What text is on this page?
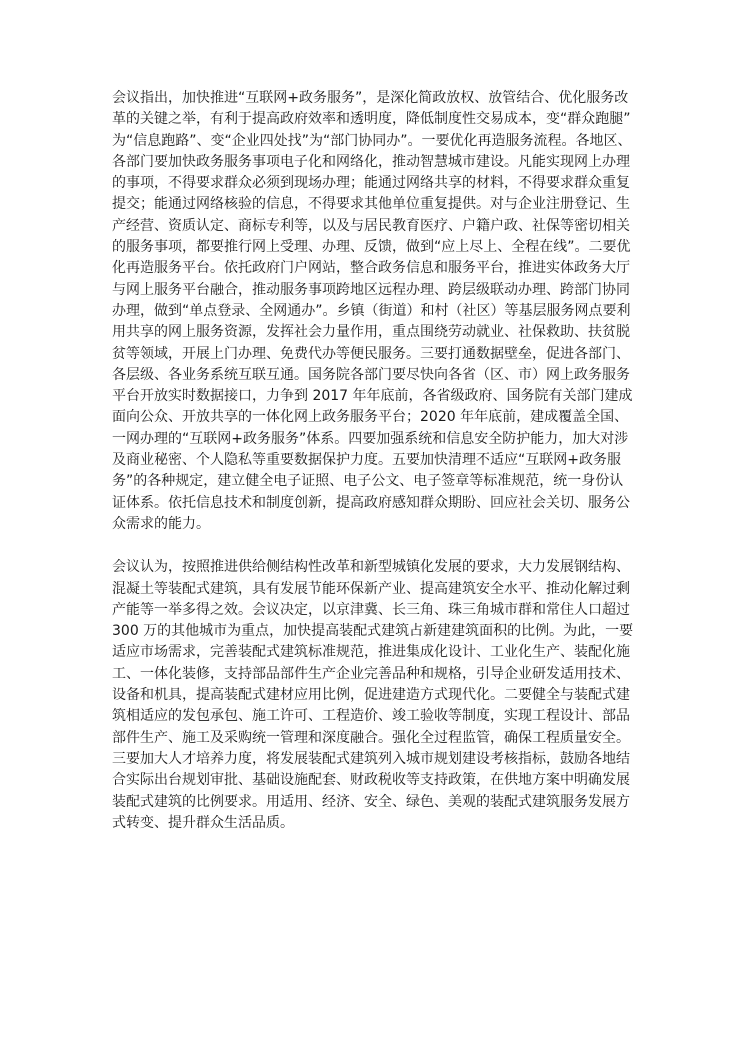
会议指出，加快推进“互联网+政务服务”，是深化简政放权、放管结合、优化服务改革的关键之举，有利于提高政府效率和透明度，降低制度性交易成本，变“群众跑腿”为“信息跑路”、变“企业四处找”为“部门协同办”。一要优化再造服务流程。各地区、各部门要加快政务服务事项电子化和网络化，推动智慧城市建设。凡能实现网上办理的事项，不得要求群众必须到现场办理；能通过网络共享的材料，不得要求群众重复提交；能通过网络核验的信息，不得要求其他单位重复提供。对与企业注册登记、生产经营、资质认定、商标专利等，以及与居民教育医疗、户籍户政、社保等密切相关的服务事项，都要推行网上受理、办理、反馈，做到“应上尽上、全程在线”。二要优化再造服务平台。依托政府门户网站，整合政务信息和服务平台，推进实体政务大厅与网上服务平台融合，推动服务事项跨地区远程办理、跨层级联动办理、跨部门协同办理，做到“单点登录、全网通办”。乡镇（街道）和村（社区）等基层服务网点要利用共享的网上服务资源，发挥社会力量作用，重点围绕劳动就业、社保救助、扶贫脱贫等领域，开展上门办理、免费代办等便民服务。三要打通数据壁垒，促进各部门、各层级、各业务系统互联互通。国务院各部门要尽快向各省（区、市）网上政务服务平台开放实时数据接口，力争到 2017 年年底前，各省级政府、国务院有关部门建成面向公众、开放共享的一体化网上政务服务平台；2020 年年底前，建成覆盖全国、一网办理的“互联网+政务服务”体系。四要加强系统和信息安全防护能力，加大对涉及商业秘密、个人隐私等重要数据保护力度。五要加快清理不适应“互联网+政务服务”的各种规定，建立健全电子证照、电子公文、电子签章等标准规范，统一身份认证体系。依托信息技术和制度创新，提高政府感知群众期盼、回应社会关切、服务公众需求的能力。

会议认为，按照推进供给侧结构性改革和新型城镇化发展的要求，大力发展钢结构、混凝土等装配式建筑，具有发展节能环保新产业、提高建筑安全水平、推动化解过剩产能等一举多得之效。会议决定，以京津冀、长三角、珠三角城市群和常住人口超过 300 万的其他城市为重点，加快提高装配式建筑占新建建筑面积的比例。为此，一要适应市场需求，完善装配式建筑标准规范，推进集成化设计、工业化生产、装配化施工、一体化装修，支持部品部件生产企业完善品种和规格，引导企业研发适用技术、设备和机具，提高装配式建材应用比例，促进建造方式现代化。二要健全与装配式建筑相适应的发包承包、施工许可、工程造价、竣工验收等制度，实现工程设计、部品部件生产、施工及采购统一管理和深度融合。强化全过程监管，确保工程质量安全。三要加大人才培养力度，将发展装配式建筑列入城市规划建设考核指标，鼓励各地结合实际出台规划审批、基础设施配套、财政税收等支持政策，在供地方案中明确发展装配式建筑的比例要求。用适用、经济、安全、绿色、美观的装配式建筑服务发展方式转变、提升群众生活品质。
